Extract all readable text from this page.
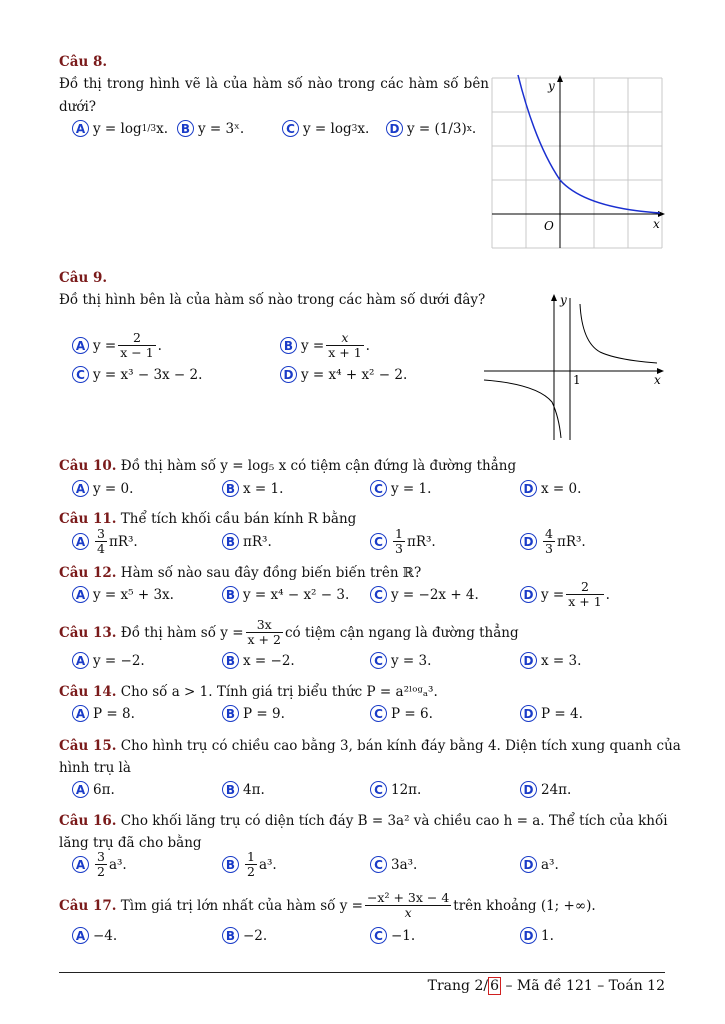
Câu 8.
Đồ thị trong hình vẽ là của hàm số nào trong các hàm số bên dưới?
A y = log 1/3 x.	B y = 3ˣ.	C y = log 3 x. D y = (1/3) x .
y
x
O
Câu 9.
Đồ thị hình bên là của hàm số nào trong các hàm số dưới đây?
A $y = \frac{2}{x - 1}$ .	B $y = \frac{x}{x + 1}$ .
C y = x³ − 3x − 2.	D y = x⁴ + x² − 2.
y
x
1
Câu 10. Đồ thị hàm số y = log₅ x có tiệm cận đứng là đường thẳng
A y = 0.	B x = 1.	C y = 1.	D x = 0.
Câu 11. Thể tích khối cầu bán kính R bằng
A $\frac{3}{4} \pi R^3$.	B πR³.	C $\frac{1}{3} \pi R^3$.	D $\frac{4}{3} \pi R^3$.
Câu 12. Hàm số nào sau đây đồng biến biến trên ℝ?
A y = x⁵ + 3x.	B y = x⁴ − x² − 3.	C y = −2x + 4.	D $y = \frac{2}{x + 1}$ .
Câu 13.
Đồ thị hàm số $y = \frac{3x}{x + 2}$ có tiệm cận ngang là đường thẳng
A y = −2.	B x = −2.	C y = 3.	D x = 3.
Câu 14. Cho số a > 1. Tính giá trị biểu thức P = a²ˡᵒᵍₐ³.
A P = 8.	B P = 9.	C P = 6.	D P = 4.
Câu 15. Cho hình trụ có chiều cao bằng 3, bán kính đáy bằng 4. Diện tích xung quanh của
hình trụ là
A 6π.	B 4π.	C 12π.	D 24π.
Câu 16. Cho khối lăng trụ có diện tích đáy B = 3a² và chiều cao h = a. Thể tích của khối
lăng trụ đã cho bằng
A $\frac{3}{2} a^3$.	B $\frac{1}{2} a^3$.	C 3a³.	D a³.
Câu 17.
Tìm giá trị lớn nhất của hàm số $y = \frac{\text{−x² + 3x − 4}}{x}$ trên khoảng (1; +∞).
A −4.	B −2.	C −1.	D 1.
Trang 2/ 6 – Mã đề 121 – Toán 12
